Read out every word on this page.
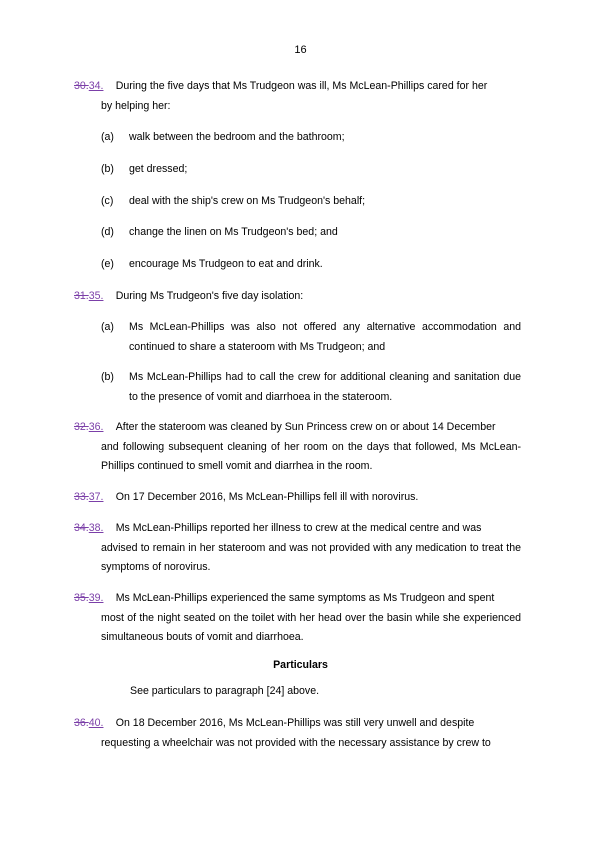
16
30.34. During the five days that Ms Trudgeon was ill, Ms McLean-Phillips cared for her
by helping her:
(a)	walk between the bedroom and the bathroom;
(b)	get dressed;
(c)	deal with the ship's crew on Ms Trudgeon's behalf;
(d)	change the linen on Ms Trudgeon's bed; and
(e)	encourage Ms Trudgeon to eat and drink.
31.35. During Ms Trudgeon's five day isolation:
(a)	Ms McLean-Phillips was also not offered any alternative accommodation and continued to share a stateroom with Ms Trudgeon; and
(b)	Ms McLean-Phillips had to call the crew for additional cleaning and sanitation due to the presence of vomit and diarrhoea in the stateroom.
32.36. After the stateroom was cleaned by Sun Princess crew on or about 14 December
and following subsequent cleaning of her room on the days that followed, Ms McLean-Phillips continued to smell vomit and diarrhea in the room.
33.37. On 17 December 2016, Ms McLean-Phillips fell ill with norovirus.
34.38. Ms McLean-Phillips reported her illness to crew at the medical centre and was
advised to remain in her stateroom and was not provided with any medication to treat the symptoms of norovirus.
35.39. Ms McLean-Phillips experienced the same symptoms as Ms Trudgeon and spent
most of the night seated on the toilet with her head over the basin while she experienced simultaneous bouts of vomit and diarrhoea.
Particulars
See particulars to paragraph [24] above.
36.40. On 18 December 2016, Ms McLean-Phillips was still very unwell and despite
requesting a wheelchair was not provided with the necessary assistance by crew to
